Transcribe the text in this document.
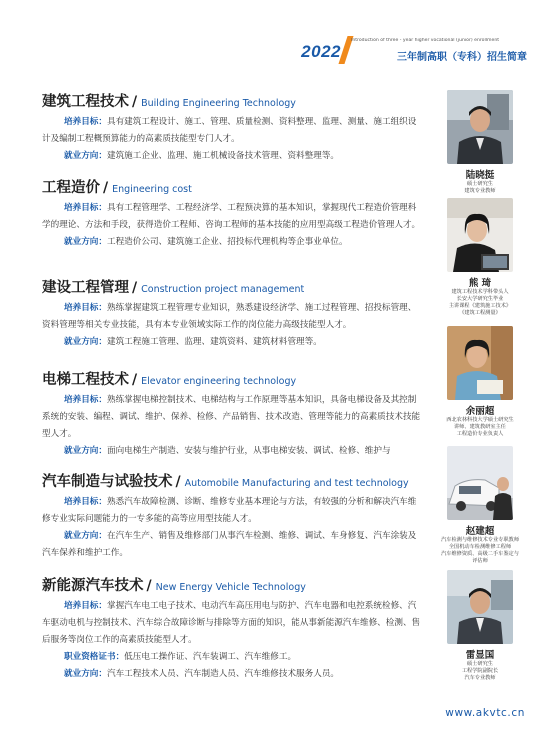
2022
Introduction of three - year higher vocational (junior) enrollment
三年制高职（专科）招生简章
建筑工程技术 / Building Engineering Technology
培养目标：具有建筑工程设计、施工、管理、质量检测、资料整理、监理、测量、施工组织设计及编制工程概预算能力的高素质技能型专门人才。
就业方向：建筑施工企业、监理、施工机械设备技术管理、资料整理等。
工程造价 / Engineering cost
培养目标：具有工程管理学、工程经济学、工程预决算的基本知识，掌握现代工程造价管理科学的理论、方法和手段，获得造价工程师、咨询工程师的基本技能的应用型高级工程造价管理人才。
就业方向：工程造价公司、建筑施工企业、招投标代理机构等企事业单位。
建设工程管理 / Construction project management
培养目标：熟练掌握建筑工程管理专业知识，熟悉建设经济学、施工过程管理、招投标管理、资料管理等相关专业技能，具有本专业领域实际工作的岗位能力高级技能型人才。
就业方向：建筑工程施工管理、监理、建筑资料、建筑材料管理等。
电梯工程技术 / Elevator engineering technology
培养目标：熟练掌握电梯控制技术、电梯结构与工作原理等基本知识，具备电梯设备及其控制系统的安装、编程、调试、维护、保养、检修、产品销售、技术改造、管理等能力的高素质技术技能型人才。
就业方向：面向电梯生产制造、安装与维护行业，从事电梯安装、调试、检修、维护与
汽车制造与试验技术 / Automobile Manufacturing and test technology
培养目标：熟悉汽车故障检测、诊断、维修专业基本理论与方法，有较强的分析和解决汽车维修专业实际问题能力的一专多能的高等应用型技能人才。
就业方向：在汽车生产、销售及维修部门从事汽车检测、维修、调试、车身修复、汽车涂装及汽车保养和维护工作。
新能源汽车技术 / New Energy Vehicle Technology
培养目标：掌握汽车电工电子技术、电动汽车高压用电与防护、汽车电器和电控系统检修、汽车驱动电机与控制技术、汽车综合故障诊断与排除等方面的知识，能从事新能源汽车维修、检测、售后服务等岗位工作的高素质技能型人才。
职业资格证书：低压电工操作证、汽车装调工、汽车维修工。
就业方向：汽车工程技术人员、汽车制造人员、汽车维修技术服务人员。
陆晓挺
硕士研究生
建筑专业教师
熊 琦
建筑工程技术学科带头人
长安大学研究生毕业
主讲课程《建筑施工技术》
《建筑工程测量》
余丽超
西北农林科技大学硕士研究生
讲师、建筑教研室主任
工程造价专业负责人
赵建超
汽车检测与维修技术专业专职教师
全国机动车检测维修工程师
汽车维修资质、高级二手车鉴定与评估师
雷显国
硕士研究生
工程学院副院长
汽车专业教师
www.akvtc.cn
